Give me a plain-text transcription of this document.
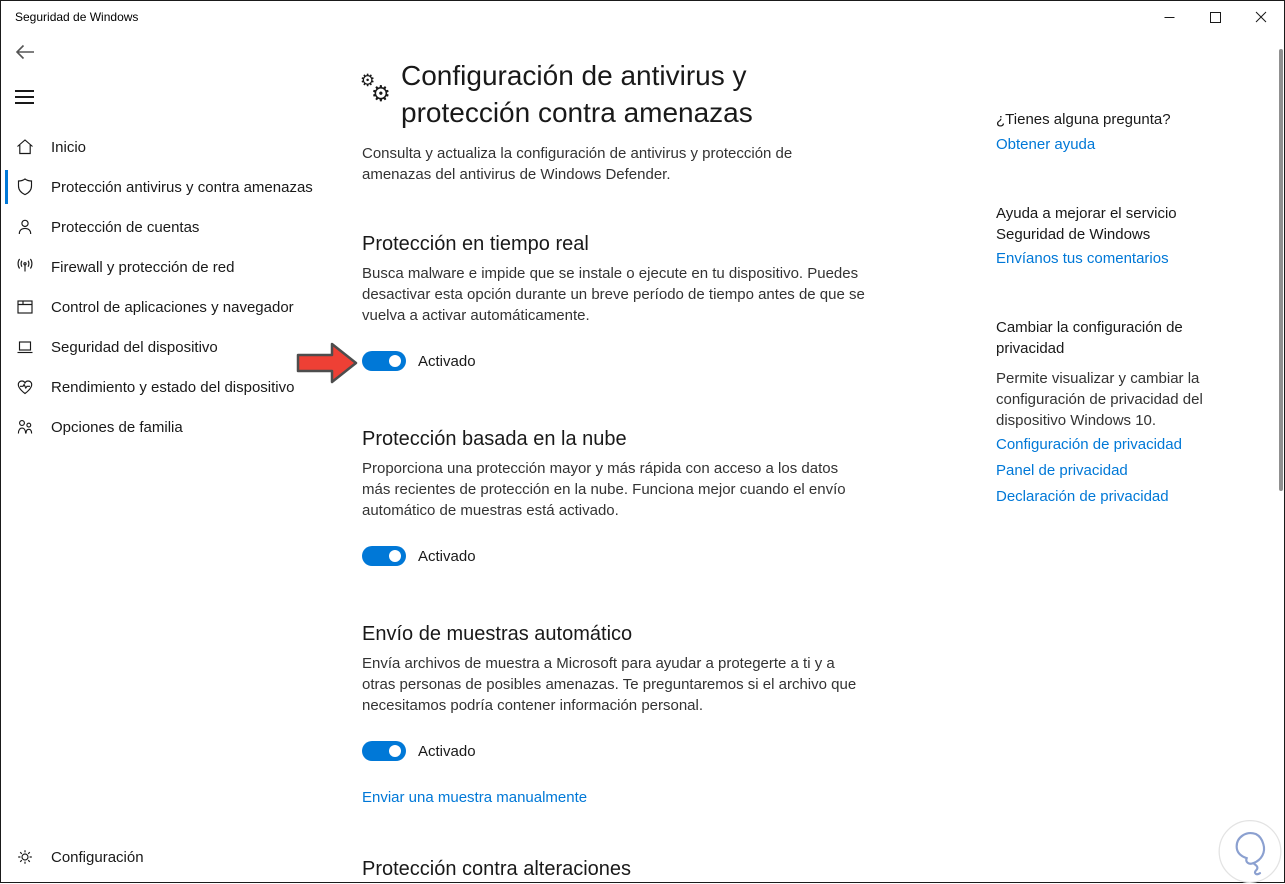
Seguridad de Windows
Inicio
Protección antivirus y contra amenazas
Protección de cuentas
Firewall y protección de red
Control de aplicaciones y navegador
Seguridad del dispositivo
Rendimiento y estado del dispositivo
Opciones de familia
Configuración
⚙
⚙
Configuración de antivirus y protección contra amenazas

Consulta y actualiza la configuración de antivirus y protección de amenazas del antivirus de Windows Defender.

Protección en tiempo real

Busca malware e impide que se instale o ejecute en tu dispositivo. Puedes desactivar esta opción durante un breve período de tiempo antes de que se vuelva a activar automáticamente.

Activado
Protección basada en la nube

Proporciona una protección mayor y más rápida con acceso a los datos más recientes de protección en la nube. Funciona mejor cuando el envío automático de muestras está activado.

Activado
Envío de muestras automático

Envía archivos de muestra a Microsoft para ayudar a protegerte a ti y a otras personas de posibles amenazas. Te preguntaremos si el archivo que necesitamos podría contener información personal.

Activado
Enviar una muestra manualmente
Protección contra alteraciones
¿Tienes alguna pregunta?
Obtener ayuda
Ayuda a mejorar el servicio Seguridad de Windows
Envíanos tus comentarios
Cambiar la configuración de privacidad

Permite visualizar y cambiar la configuración de privacidad del dispositivo Windows 10.

Configuración de privacidad
Panel de privacidad
Declaración de privacidad
